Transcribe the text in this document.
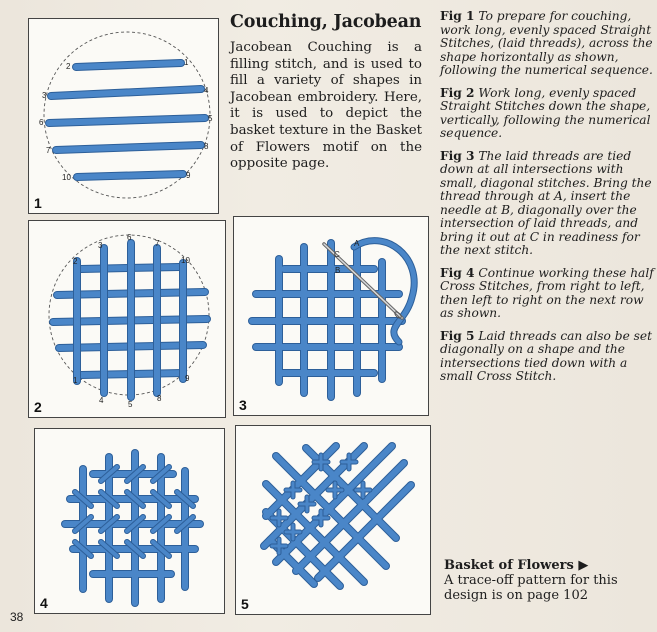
2	1
3
4
6	5
7	8
10	9
1
2
3
6
7
10
1
4	5
8
9
2
A
B
C
3
4	5
Couching, Jacobean
Jacobean Couching is a filling stitch, and is used to fill a variety of shapes in Jacobean embroidery. Here, it is used to depict the basket texture in the Basket of Flowers motif on the opposite page.

Fig 1 To prepare for couching, work long, evenly spaced Straight Stitches, (laid threads), across the shape horizontally as shown, following the numerical sequence.

Fig 2 Work long, evenly spaced Straight Stitches down the shape, vertically, following the numerical sequence.

Fig 3 The laid threads are tied down at all intersections with small, diagonal stitches. Bring the thread through at A, insert the needle at B, diagonally over the intersection of laid threads, and bring it out at C in readiness for the next stitch.

Fig 4 Continue working these half Cross Stitches, from right to left, then left to right on the next row as shown.

Fig 5 Laid threads can also be set diagonally on a shape and the intersections tied down with a small Cross Stitch.

Basket of Flowers ▶
A trace-off pattern for this design is on page 102
38
